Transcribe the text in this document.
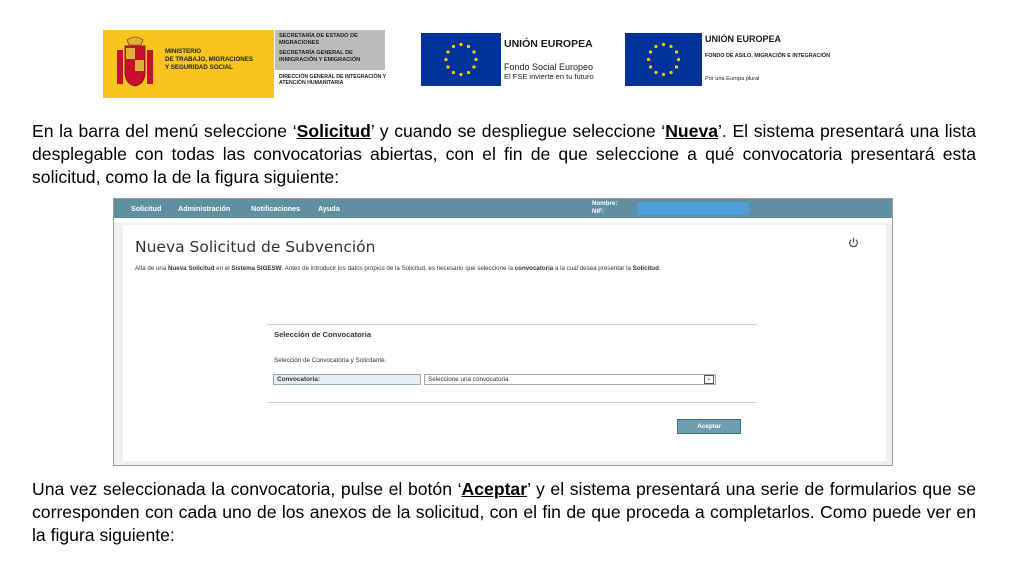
MINISTERIO
DE TRABAJO, MIGRACIONES
Y SEGURIDAD SOCIAL
SECRETARÍA DE ESTADO DE MIGRACIONES
SECRETARÍA GENERAL DE INMIGRACIÓN Y EMIGRACIÓN
DIRECCIÓN GENERAL DE INTEGRACIÓN Y ATENCIÓN HUMANITARIA
UNIÓN EUROPEA
Fondo Social Europeo
El FSE invierte en tu futuro
UNIÓN EUROPEA
FONDO DE ASILO, MIGRACIÓN E INTEGRACIÓN
Por una Europa plural
En la barra del menú seleccione ‘Solicitud’ y cuando se despliegue seleccione ‘Nueva’. El sistema presentará una lista desplegable con todas las convocatorias abiertas, con el fin de que seleccione a qué convocatoria presentará esta solicitud, como la de la figura siguiente:
Solicitud Administración	Notificaciones Ayuda
Nombre:
NIF:
Nueva Solicitud de Subvención
Alta de una Nueva Solicitud en el Sistema SIGESW. Antes de introducir los datos propios de la Solicitud, es necesario que seleccione la convocatoria a la cual desea presentar la Solicitud.
Selección de Convocatoria
Selección de Convocatoria y Solicitante.
Convocatoria:	Seleccione una convocatoria	⌄
Aceptar
Una vez seleccionada la convocatoria, pulse el botón ‘Aceptar’ y el sistema presentará una serie de formularios que se corresponden con cada uno de los anexos de la solicitud, con el fin de que proceda a completarlos. Como puede ver en la figura siguiente:
